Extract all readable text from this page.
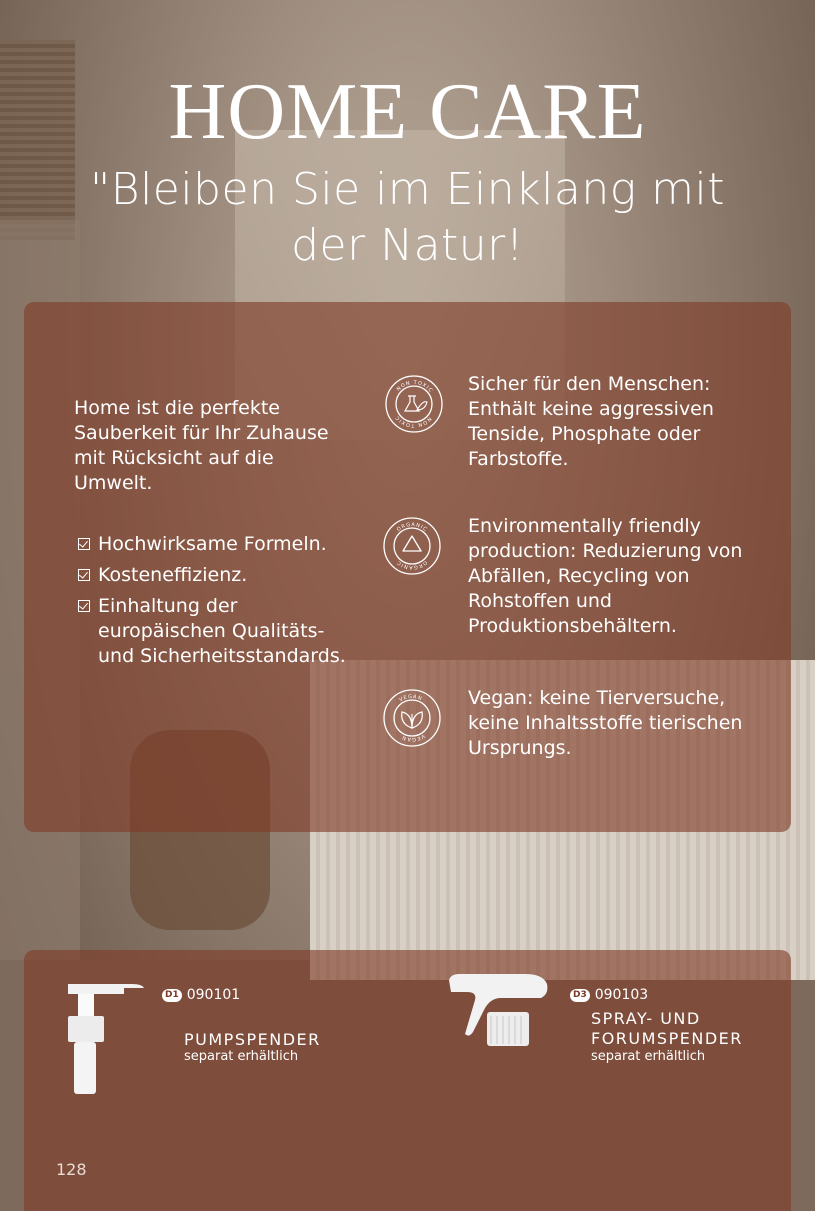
HOME CARE
"Bleiben Sie im Einklang mit der Natur!
Home ist die perfekte Sauberkeit für Ihr Zuhause mit Rücksicht auf die Umwelt.
Hochwirksame Formeln.
Kosteneffizienz.
Einhaltung der europäischen Qualitäts- und Sicherheitsstandards.
NON TOXIC
NON TOXIC
Sicher für den Menschen: Enthält keine aggressiven Tenside, Phosphate oder Farbstoffe.
ORGANIC
ORGANIC
Environmentally friendly production: Reduzierung von Abfällen, Recycling von Rohstoffen und Produktionsbehältern.
VEGAN
VEGAN
Vegan: keine Tierversuche, keine Inhaltsstoffe tierischen Ursprungs.
D1 090101
PUMPSPENDER
separat erhältlich
D3 090103
SPRAY- UND
FORUMSPENDER
separat erhältlich
128
